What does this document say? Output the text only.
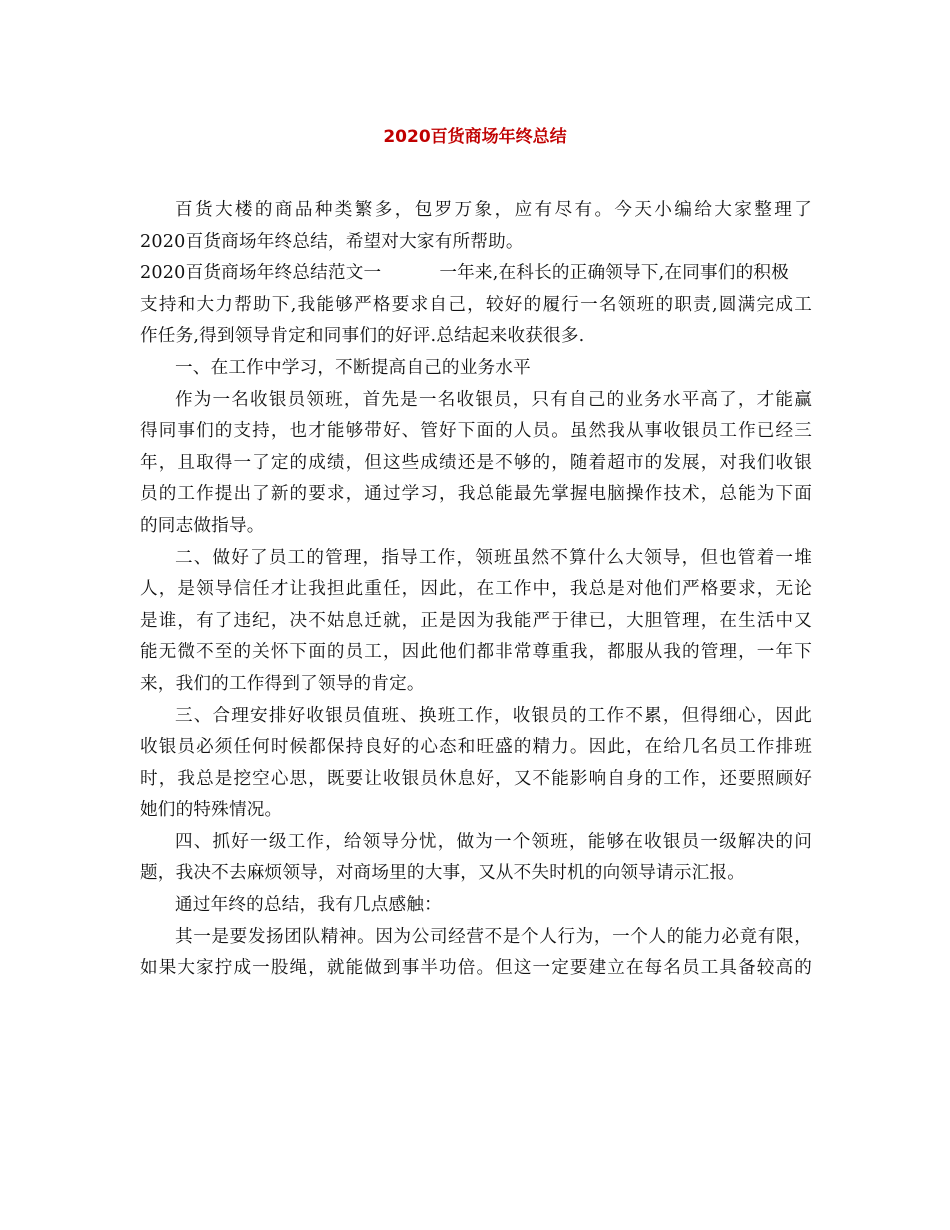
2020百货商场年终总结
百货大楼的商品种类繁多，包罗万象，应有尽有。今天小编给大家整理了
2020百货商场年终总结，希望对大家有所帮助。
2020百货商场年终总结范文一	一年来,在科长的正确领导下,在同事们的积极
支持和大力帮助下,我能够严格要求自己，较好的履行一名领班的职责,圆满完成工
作任务,得到领导肯定和同事们的好评.总结起来收获很多.
一、在工作中学习，不断提高自己的业务水平
作为一名收银员领班，首先是一名收银员，只有自己的业务水平高了，才能赢
得同事们的支持，也才能够带好、管好下面的人员。虽然我从事收银员工作已经三
年，且取得一了定的成绩，但这些成绩还是不够的，随着超市的发展，对我们收银
员的工作提出了新的要求，通过学习，我总能最先掌握电脑操作技术，总能为下面
的同志做指导。
二、做好了员工的管理，指导工作，领班虽然不算什么大领导，但也管着一堆
人，是领导信任才让我担此重任，因此，在工作中，我总是对他们严格要求，无论
是谁，有了违纪，决不姑息迁就，正是因为我能严于律已，大胆管理，在生活中又
能无微不至的关怀下面的员工，因此他们都非常尊重我，都服从我的管理，一年下
来，我们的工作得到了领导的肯定。
三、合理安排好收银员值班、换班工作，收银员的工作不累，但得细心，因此
收银员必须任何时候都保持良好的心态和旺盛的精力。因此，在给几名员工作排班
时，我总是挖空心思，既要让收银员休息好，又不能影响自身的工作，还要照顾好
她们的特殊情况。
四、抓好一级工作，给领导分忧，做为一个领班，能够在收银员一级解决的问
题，我决不去麻烦领导，对商场里的大事，又从不失时机的向领导请示汇报。
通过年终的总结，我有几点感触：
其一是要发扬团队精神。因为公司经营不是个人行为，一个人的能力必竟有限，
如果大家拧成一股绳，就能做到事半功倍。但这一定要建立在每名员工具备较高的
